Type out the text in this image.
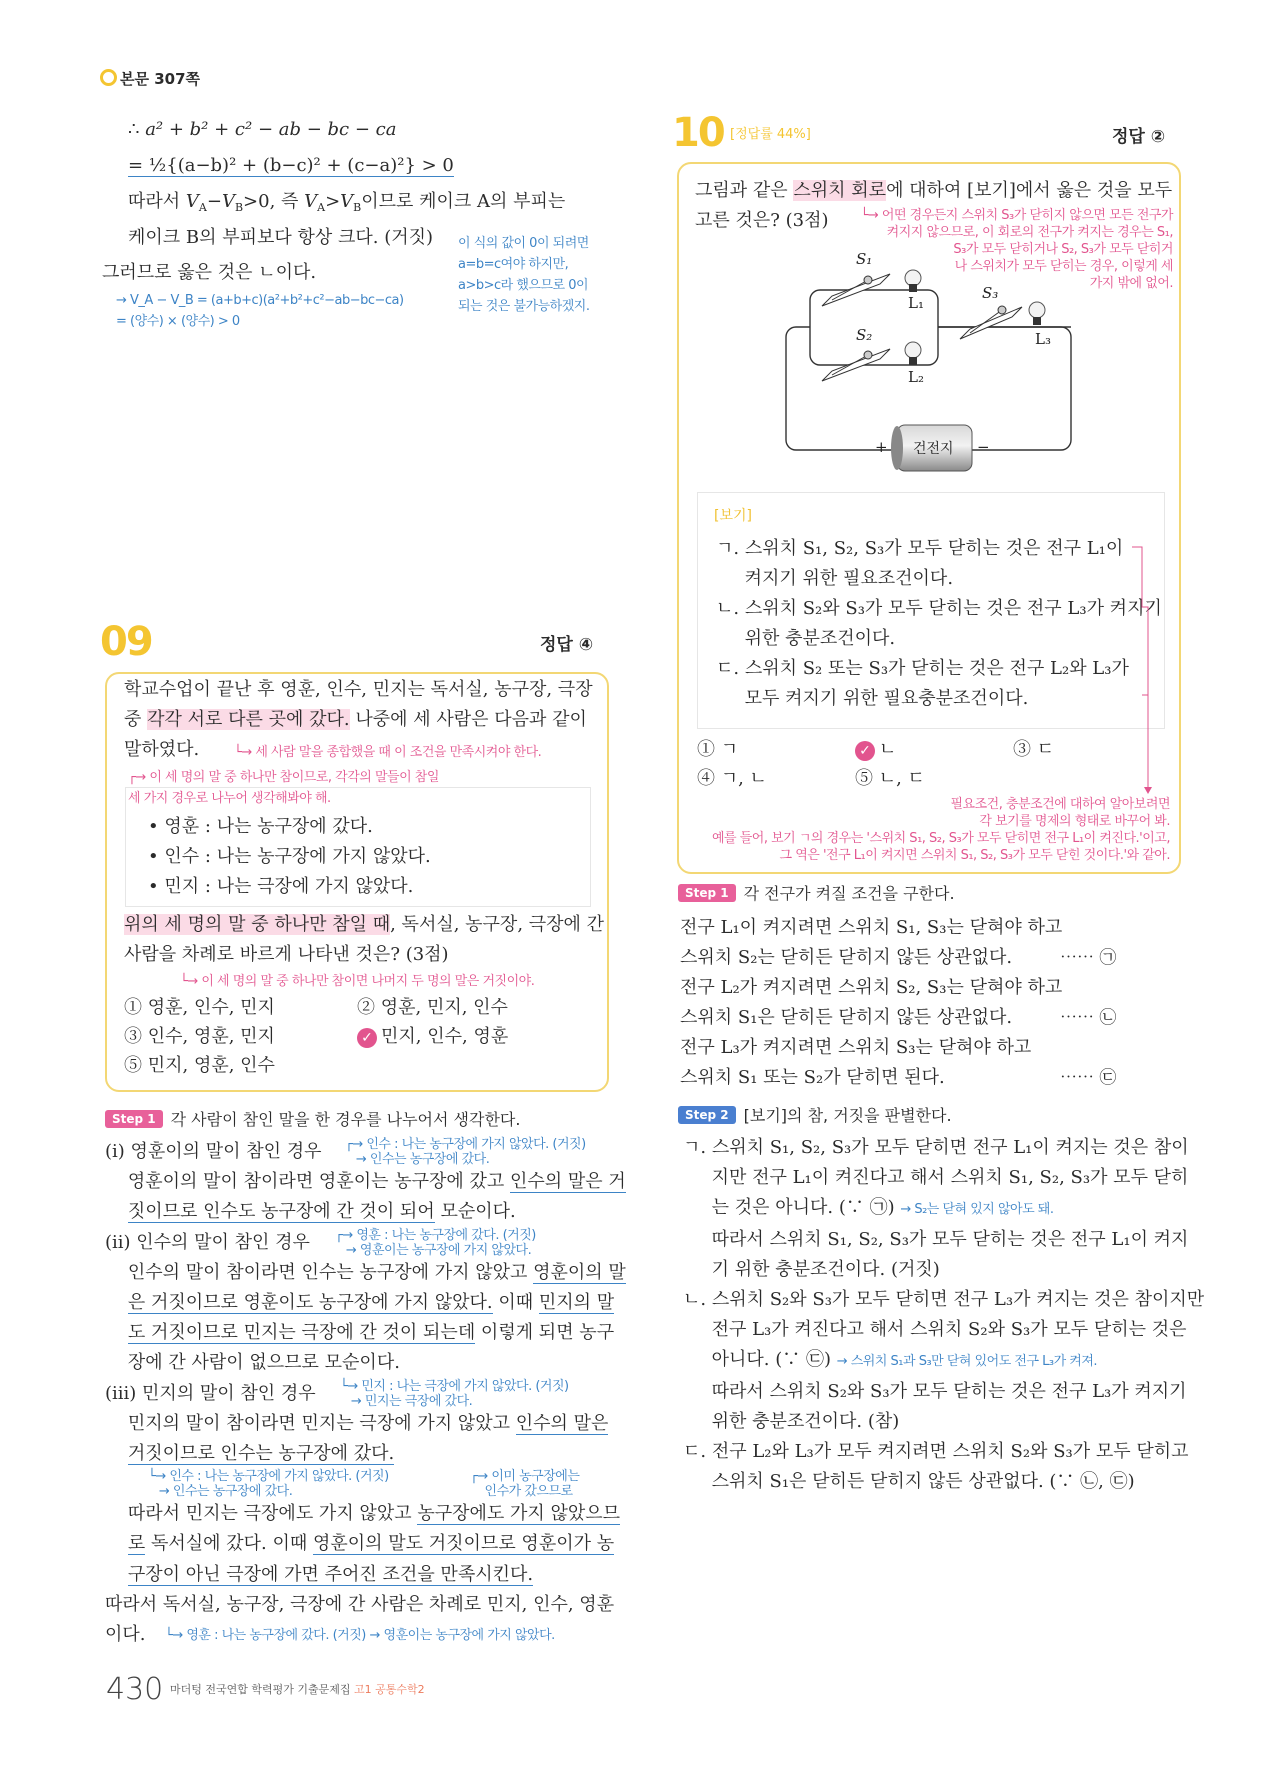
본문 307쪽
∴ a² + b² + c² − ab − bc − ca
= ½{(a−b)² + (b−c)² + (c−a)²} > 0
따라서 $V_A-V_B>0$, 즉 $V_A>V_B$이므로 케이크 A의 부피는
케이크 B의 부피보다 항상 크다. (거짓)
그러므로 옳은 것은 ㄴ이다.
→ V_A − V_B = (a+b+c)(a²+b²+c²−ab−bc−ca)
= (양수) × (양수) > 0
이 식의 값이 0이 되려면
a=b=c여야 하지만,
a>b>c라 했으므로 0이
되는 것은 불가능하겠지.
09	정답 ④
학교수업이 끝난 후 영훈, 인수, 민지는 독서실, 농구장, 극장
중 각각 서로 다른 곳에 갔다. 나중에 세 사람은 다음과 같이
말하였다.	└→ 세 사람 말을 종합했을 때 이 조건을 만족시켜야 한다.
┌→ 이 세 명의 말 중 하나만 참이므로, 각각의 말들이 참일
세 가지 경우로 나누어 생각해봐야 해.
• 영훈 : 나는 농구장에 갔다.
• 인수 : 나는 농구장에 가지 않았다.
• 민지 : 나는 극장에 가지 않았다.
위의 세 명의 말 중 하나만 참일 때, 독서실, 농구장, 극장에 간
사람을 차례로 바르게 나타낸 것은? (3점)
└→ 이 세 명의 말 중 하나만 참이면 나머지 두 명의 말은 거짓이야.
① 영훈, 인수, 민지	② 영훈, 민지, 인수
③ 인수, 영훈, 민지	✓ 민지, 인수, 영훈
⑤ 민지, 영훈, 인수
Step 1 각 사람이 참인 말을 한 경우를 나누어서 생각한다.
(i) 영훈이의 말이 참인 경우
영훈이의 말이 참이라면 영훈이는 농구장에 갔고 인수의 말은 거
짓이므로 인수도 농구장에 간 것이 되어 모순이다.
(ii) 인수의 말이 참인 경우
인수의 말이 참이라면 인수는 농구장에 가지 않았고 영훈이의 말
은 거짓이므로 영훈이도 농구장에 가지 않았다. 이때 민지의 말
도 거짓이므로 민지는 극장에 간 것이 되는데 이렇게 되면 농구
장에 간 사람이 없으므로 모순이다.
(iii) 민지의 말이 참인 경우
민지의 말이 참이라면 민지는 극장에 가지 않았고 인수의 말은
거짓이므로 인수는 농구장에 갔다.
따라서 민지는 극장에도 가지 않았고 농구장에도 가지 않았으므
로 독서실에 갔다. 이때 영훈이의 말도 거짓이므로 영훈이가 농
구장이 아닌 극장에 가면 주어진 조건을 만족시킨다.
따라서 독서실, 농구장, 극장에 간 사람은 차례로 민지, 인수, 영훈
이다.
┌→ 인수 : 나는 농구장에 가지 않았다. (거짓)
→ 인수는 농구장에 갔다.
┌→ 영훈 : 나는 농구장에 갔다. (거짓)
→ 영훈이는 농구장에 가지 않았다.
└→ 민지 : 나는 극장에 가지 않았다. (거짓)
→ 민지는 극장에 갔다.
└→ 인수 : 나는 농구장에 가지 않았다. (거짓)
→ 인수는 농구장에 갔다.
┌→ 이미 농구장에는
인수가 갔으므로
└→ 영훈 : 나는 농구장에 갔다. (거짓) → 영훈이는 농구장에 가지 않았다.
430 마더텅 전국연합 학력평가 기출문제집 고1 공통수학2
10 [정답률 44%]	정답 ②
그림과 같은 스위치 회로에 대하여 [보기]에서 옳은 것을 모두
고른 것은? (3점) └→ 어떤 경우든지 스위치 S₃가 닫히지 않으면 모든 전구가
켜지지 않으므로, 이 회로의 전구가 켜지는 경우는 S₁,
S₃가 모두 닫히거나 S₂, S₃가 모두 닫히거
나 스위치가 모두 닫히는 경우, 이렇게 세
가지 밖에 없어.
S₁
L₁
S₂
L₂
S₃
L₃
+	−
건전지
[보기]
ㄱ. 스위치 S₁, S₂, S₃가 모두 닫히는 것은 전구 L₁이
켜지기 위한 필요조건이다.
ㄴ. 스위치 S₂와 S₃가 모두 닫히는 것은 전구 L₃가 켜지기
위한 충분조건이다.
ㄷ. 스위치 S₂ 또는 S₃가 닫히는 것은 전구 L₂와 L₃가
모두 켜지기 위한 필요충분조건이다.
① ㄱ	✓ ㄴ	③ ㄷ
④ ㄱ, ㄴ	⑤ ㄴ, ㄷ
필요조건, 충분조건에 대하여 알아보려면
각 보기를 명제의 형태로 바꾸어 봐.
예를 들어, 보기 ㄱ의 경우는 '스위치 S₁, S₂, S₃가 모두 닫히면 전구 L₁이 켜진다.'이고,
그 역은 '전구 L₁이 켜지면 스위치 S₁, S₂, S₃가 모두 닫힌 것이다.'와 같아.
Step 1 각 전구가 켜질 조건을 구한다.
전구 L₁이 켜지려면 스위치 S₁, S₃는 닫혀야 하고
스위치 S₂는 닫히든 닫히지 않든 상관없다.
전구 L₂가 켜지려면 스위치 S₂, S₃는 닫혀야 하고
스위치 S₁은 닫히든 닫히지 않든 상관없다.
전구 L₃가 켜지려면 스위치 S₃는 닫혀야 하고
스위치 S₁ 또는 S₂가 닫히면 된다.
⋯⋯ ㉠
⋯⋯ ㉡
⋯⋯ ㉢
Step 2 [보기]의 참, 거짓을 판별한다.
ㄱ. 스위치 S₁, S₂, S₃가 모두 닫히면 전구 L₁이 켜지는 것은 참이
지만 전구 L₁이 켜진다고 해서 스위치 S₁, S₂, S₃가 모두 닫히
는 것은 아니다. (∵ ㉠) → S₂는 닫혀 있지 않아도 돼.
따라서 스위치 S₁, S₂, S₃가 모두 닫히는 것은 전구 L₁이 켜지
기 위한 충분조건이다. (거짓)
ㄴ. 스위치 S₂와 S₃가 모두 닫히면 전구 L₃가 켜지는 것은 참이지만
전구 L₃가 켜진다고 해서 스위치 S₂와 S₃가 모두 닫히는 것은
아니다. (∵ ㉢) → 스위치 S₁과 S₃만 닫혀 있어도 전구 L₃가 켜져.
따라서 스위치 S₂와 S₃가 모두 닫히는 것은 전구 L₃가 켜지기
위한 충분조건이다. (참)
ㄷ. 전구 L₂와 L₃가 모두 켜지려면 스위치 S₂와 S₃가 모두 닫히고
스위치 S₁은 닫히든 닫히지 않든 상관없다. (∵ ㉡, ㉢)
